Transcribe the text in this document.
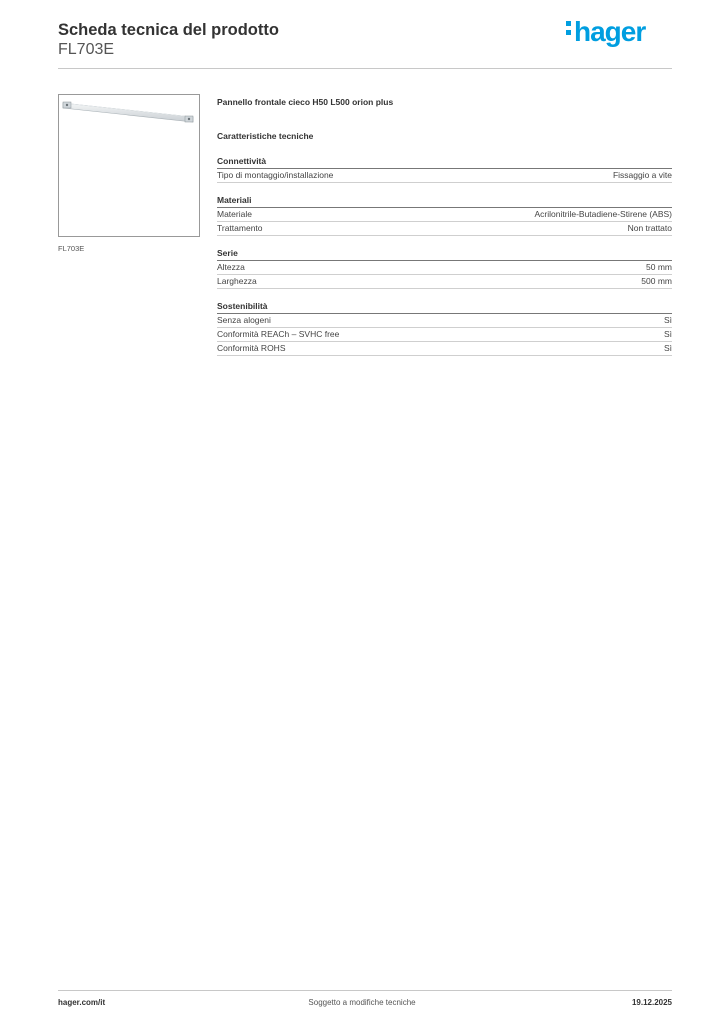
Scheda tecnica del prodotto
FL703E
hager
FL703E
Pannello frontale cieco H50 L500 orion plus
Caratteristiche tecniche
Connettività
Tipo di montaggio/installazione	Fissaggio a vite
Materiali
Materiale	Acrilonitrile-Butadiene-Stirene (ABS)
Trattamento	Non trattato
Serie
Altezza	50 mm
Larghezza	500 mm
Sostenibilità
Senza alogeni	Sì
Conformità REACh – SVHC free	Sì
Conformità ROHS	Sì
hager.com/it	Soggetto a modifiche tecniche	19.12.2025
